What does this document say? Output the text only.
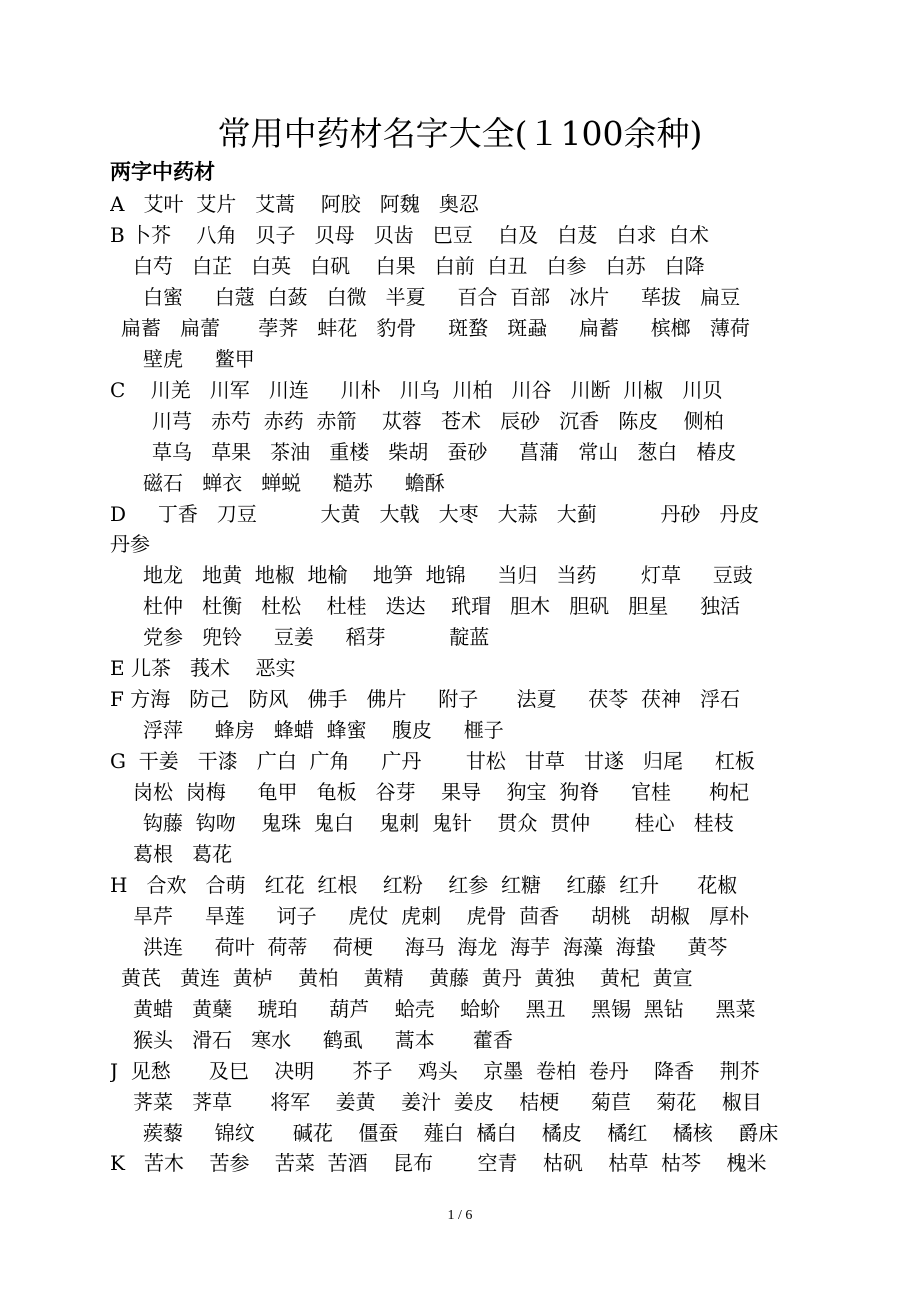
常用中药材名字大全(１100余种)
两字中药材
A   艾叶  艾片   艾蒿    阿胶   阿魏   奥忍
B 卜芥    八角   贝子   贝母   贝齿   巴豆    白及   白芨   白求  白术
白芍   白芷   白英   白矾    白果   白前  白丑   白参   白苏   白降
白蜜     白蔻  白蔹   白微   半夏     百合  百部   冰片     荜拔   扁豆
扁蓄   扁蕾      荸荠   蚌花   豹骨     斑蝥   斑蝨     扁蓄     槟榔   薄荷
壁虎     鳖甲
C    川羌   川军   川连     川朴   川乌  川柏   川谷   川断  川椒   川贝
川芎   赤芍  赤药  赤箭    苁蓉   苍术   辰砂   沉香   陈皮    侧柏
草乌   草果   茶油   重楼   柴胡   蚕砂     菖蒲   常山   葱白   椿皮
磁石   蝉衣   蝉蜕     糙苏     蟾酥
D     丁香   刀豆          大黄   大戟   大枣   大蒜   大蓟          丹砂   丹皮
丹参
地龙   地黄  地椒  地榆    地笋  地锦     当归   当药       灯草     豆豉
杜仲   杜衡   杜松    杜桂   迭达    玳瑁   胆木   胆矾   胆星     独活
党参   兜铃     豆姜     稻芽          靛蓝
E 儿茶   莪术    恶实
F 方海   防己   防风   佛手   佛片     附子      法夏     茯苓  茯神   浮石
浮萍     蜂房   蜂蜡  蜂蜜    腹皮     榧子
G  干姜   干漆   广白  广角     广丹       甘松   甘草   甘遂   归尾     杠板
岗松  岗梅     龟甲   龟板   谷芽    果导    狗宝  狗脊     官桂      枸杞
钩藤  钩吻    鬼珠  鬼白    鬼刺  鬼针    贯众  贯仲       桂心   桂枝
葛根   葛花
H   合欢   合萌   红花  红根    红粉    红参  红糖    红藤  红升      花椒
旱芹     旱莲     诃子     虎仗  虎刺    虎骨  茴香     胡桃   胡椒   厚朴
洪连     荷叶  荷蒂    荷梗     海马  海龙  海芋  海藻  海蛰     黄芩
黄芪   黄连  黄栌    黄柏    黄精    黄藤  黄丹  黄独    黄杞  黄宣
黄蜡   黄蘖    琥珀     葫芦    蛤壳    蛤蚧    黑丑    黑锡  黑钻     黑菜
猴头   滑石   寒水     鹤虱     蒿本      藿香
J  见愁      及巳    决明      芥子    鸡头    京墨  卷柏  卷丹    降香    荆芥
荠菜   荠草      将军    姜黄    姜汁  姜皮    桔梗     菊苣    菊花    椒目
蒺藜     锦纹      碱花    僵蚕    薤白  橘白    橘皮    橘红    橘核    爵床
K   苦木    苦参    苦菜  苦酒    昆布       空青    枯矾    枯草  枯芩    槐米
1 / 6
